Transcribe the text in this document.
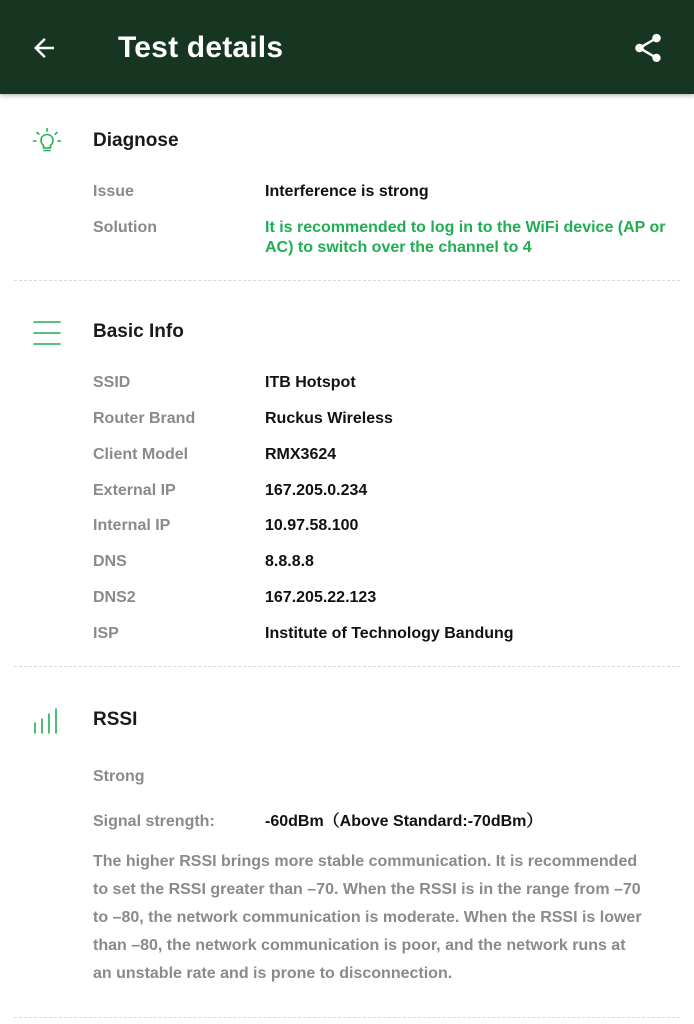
Test details
Diagnose
Issue	Interference is strong
Solution	It is recommended to log in to the WiFi device (AP or AC) to switch over the channel to 4
Basic Info
SSID	ITB Hotspot
Router Brand	Ruckus Wireless
Client Model	RMX3624
External IP	167.205.0.234
Internal IP	10.97.58.100
DNS	8.8.8.8
DNS2	167.205.22.123
ISP	Institute of Technology Bandung
RSSI
Strong
Signal strength:	-60dBm（Above Standard:-70dBm）
The higher RSSI brings more stable communication. It is recommended to set the RSSI greater than –70. When the RSSI is in the range from –70 to –80, the network communication is moderate. When the RSSI is lower than –80, the network communication is poor, and the network runs at an unstable rate and is prone to disconnection.
